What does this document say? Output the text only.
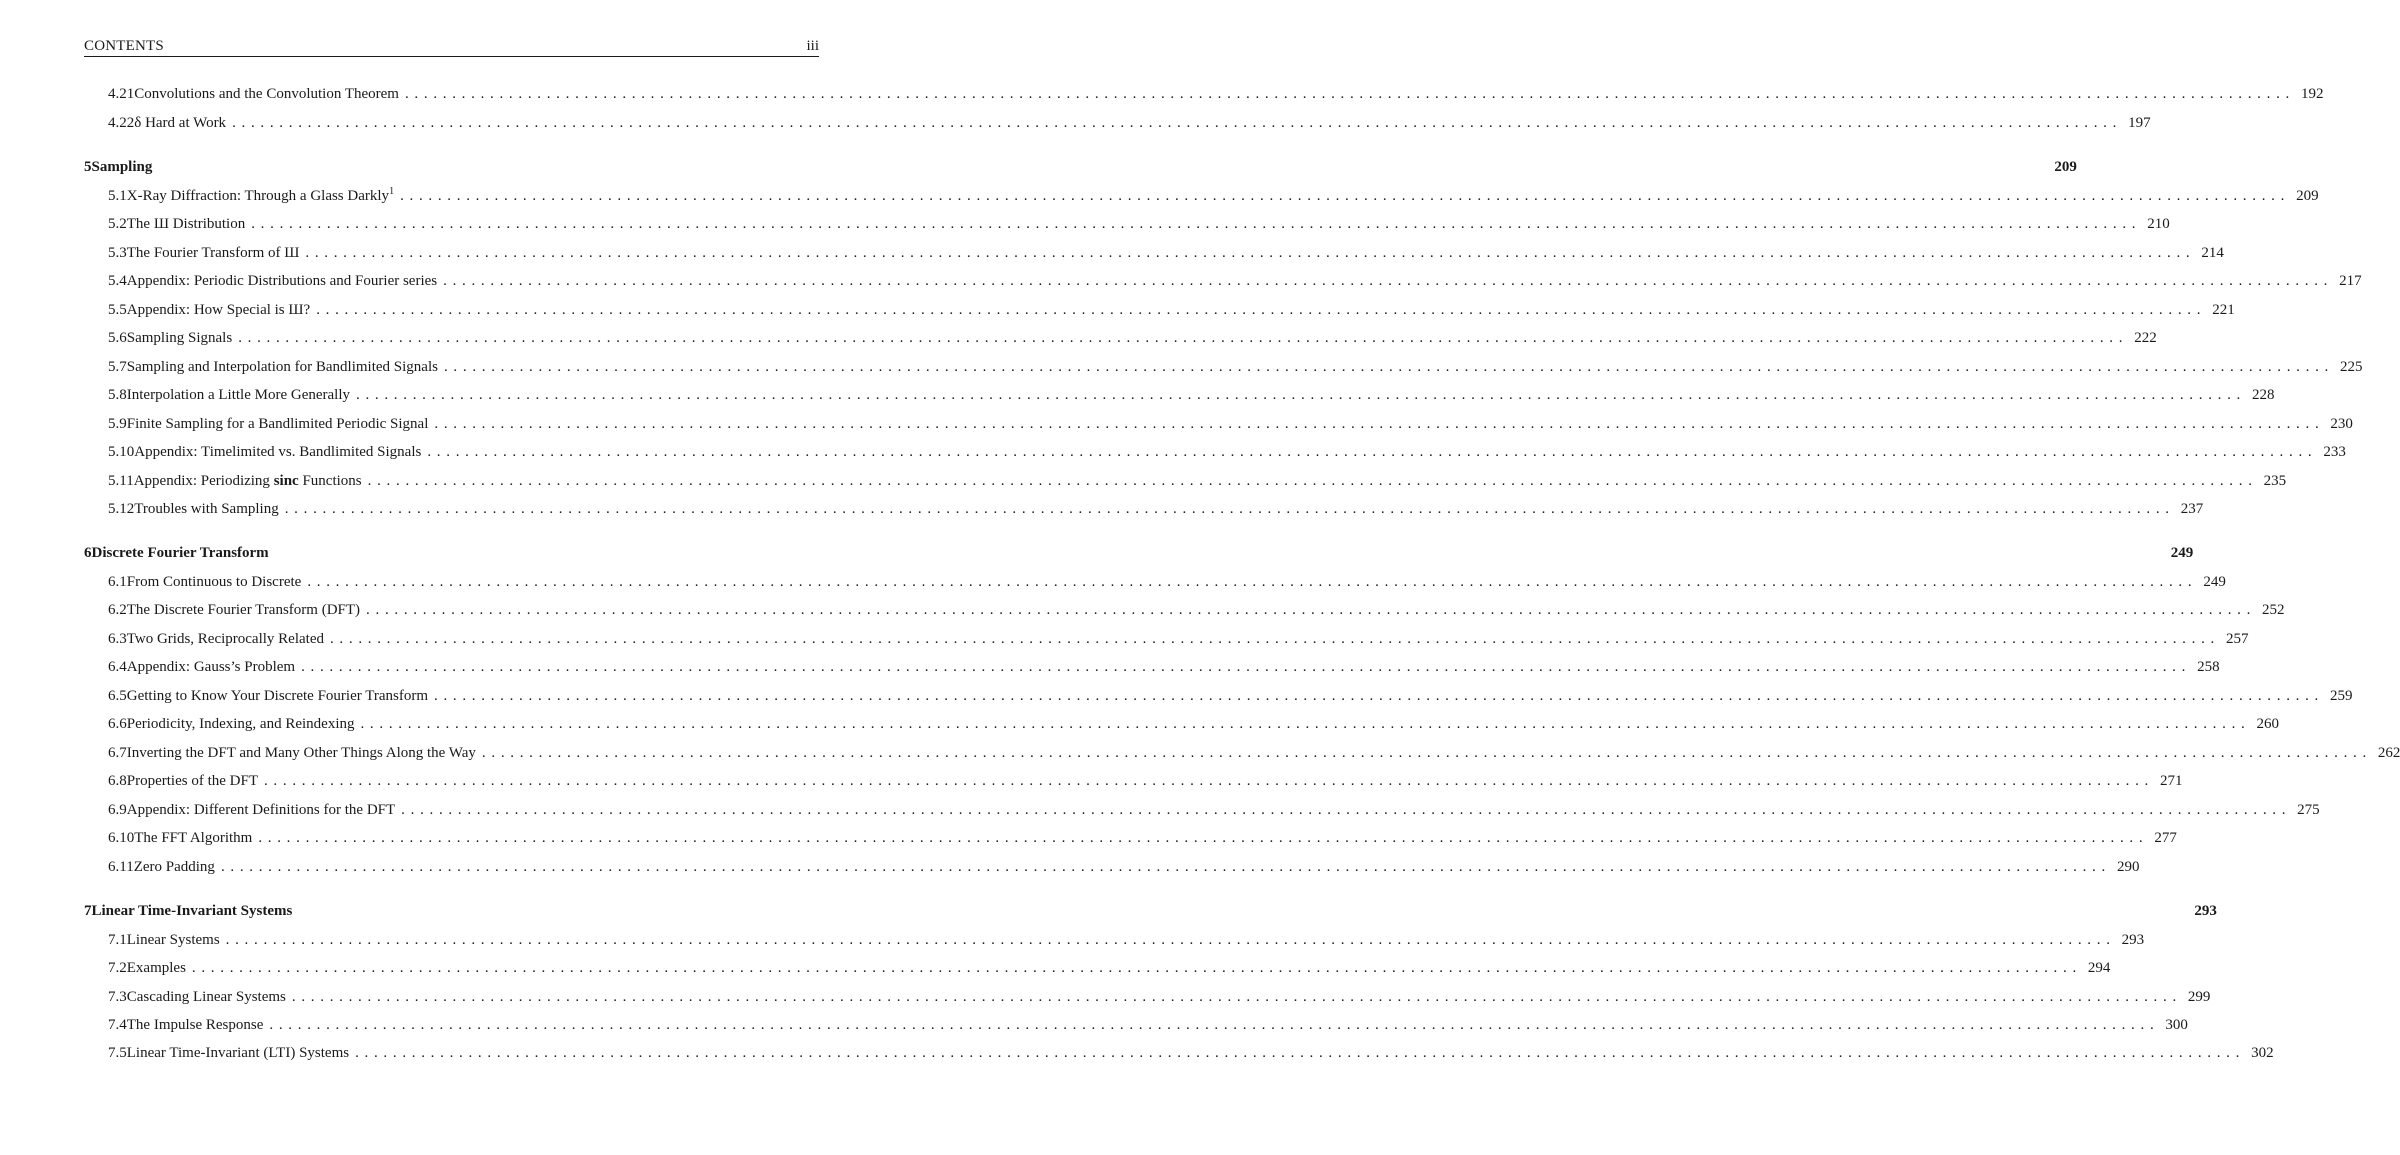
CONTENTS	iii
4.21 Convolutions and the Convolution Theorem ........................................................................................................................................................................................................ 192
4.22 δ Hard at Work ........................................................................................................................................................................................................ 197
5 Sampling	209
5.1 X-Ray Diffraction: Through a Glass Darkly$^1$ ........................................................................................................................................................................................................ 209
5.2 The Ш Distribution ........................................................................................................................................................................................................ 210
5.3 The Fourier Transform of Ш ........................................................................................................................................................................................................ 214
5.4 Appendix: Periodic Distributions and Fourier series ........................................................................................................................................................................................................ 217
5.5 Appendix: How Special is Ш? ........................................................................................................................................................................................................ 221
5.6 Sampling Signals ........................................................................................................................................................................................................ 222
5.7 Sampling and Interpolation for Bandlimited Signals ........................................................................................................................................................................................................ 225
5.8 Interpolation a Little More Generally ........................................................................................................................................................................................................ 228
5.9 Finite Sampling for a Bandlimited Periodic Signal ........................................................................................................................................................................................................ 230
5.10 Appendix: Timelimited vs. Bandlimited Signals ........................................................................................................................................................................................................ 233
5.11 Appendix: Periodizing sinc Functions ........................................................................................................................................................................................................ 235
5.12 Troubles with Sampling ........................................................................................................................................................................................................ 237
6 Discrete Fourier Transform	249
6.1 From Continuous to Discrete ........................................................................................................................................................................................................ 249
6.2 The Discrete Fourier Transform (DFT) ........................................................................................................................................................................................................ 252
6.3 Two Grids, Reciprocally Related ........................................................................................................................................................................................................ 257
6.4 Appendix: Gauss’s Problem ........................................................................................................................................................................................................ 258
6.5 Getting to Know Your Discrete Fourier Transform ........................................................................................................................................................................................................ 259
6.6 Periodicity, Indexing, and Reindexing ........................................................................................................................................................................................................ 260
6.7 Inverting the DFT and Many Other Things Along the Way ........................................................................................................................................................................................................ 262
6.8 Properties of the DFT ........................................................................................................................................................................................................ 271
6.9 Appendix: Different Definitions for the DFT ........................................................................................................................................................................................................ 275
6.10 The FFT Algorithm ........................................................................................................................................................................................................ 277
6.11 Zero Padding ........................................................................................................................................................................................................ 290
7 Linear Time-Invariant Systems	293
7.1 Linear Systems ........................................................................................................................................................................................................ 293
7.2 Examples ........................................................................................................................................................................................................ 294
7.3 Cascading Linear Systems ........................................................................................................................................................................................................ 299
7.4 The Impulse Response ........................................................................................................................................................................................................ 300
7.5 Linear Time-Invariant (LTI) Systems ........................................................................................................................................................................................................ 302
